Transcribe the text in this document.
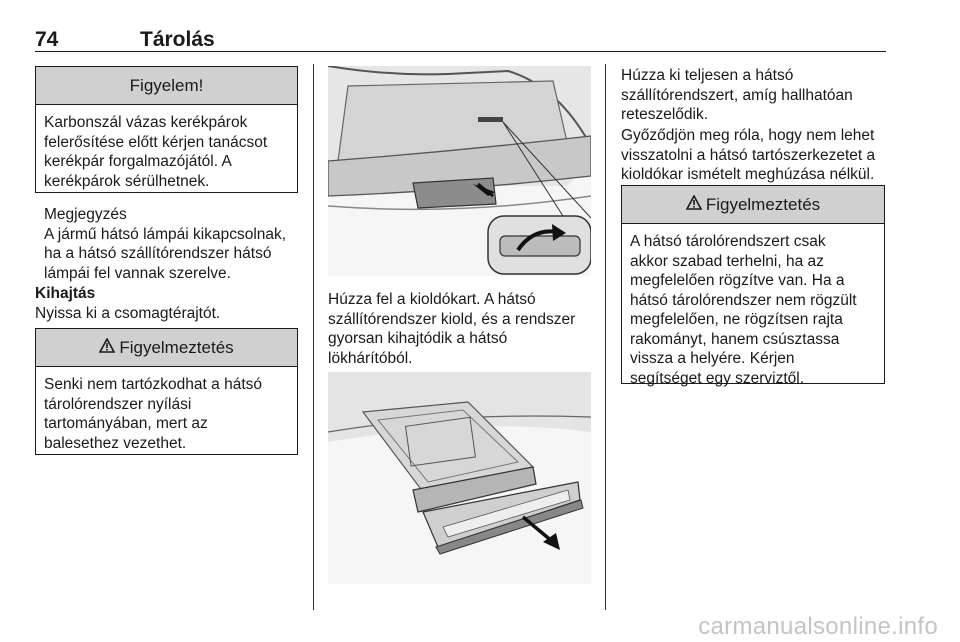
74	Tárolás
Figyelem!
Karbonszál vázas kerékpárok
felerősítése előtt kérjen tanácsot
kerékpár forgalmazójától. A
kerékpárok sérülhetnek.
Megjegyzés
A jármű hátsó lámpái kikapcsolnak,
ha a hátsó szállítórendszer hátsó
lámpái fel vannak szerelve.
Kihajtás
Nyissa ki a csomagtérajtót.
Figyelmeztetés
Senki nem tartózkodhat a hátsó
tárolórendszer nyílási
tartományában, mert az
balesethez vezethet.
Húzza fel a kioldókart. A hátsó
szállítórendszer kiold, és a rendszer
gyorsan kihajtódik a hátsó
lökhárítóból.
Húzza ki teljesen a hátsó
szállítórendszert, amíg hallhatóan
reteszelődik.
Győződjön meg róla, hogy nem lehet
visszatolni a hátsó tartószerkezetet a
kioldókar ismételt meghúzása nélkül.
Figyelmeztetés
A hátsó tárolórendszert csak
akkor szabad terhelni, ha az
megfelelően rögzítve van. Ha a
hátsó tárolórendszer nem rögzült
megfelelően, ne rögzítsen rajta
rakományt, hanem csúsztassa
vissza a helyére. Kérjen
segítséget egy szerviztől.
carmanualsonline.info
